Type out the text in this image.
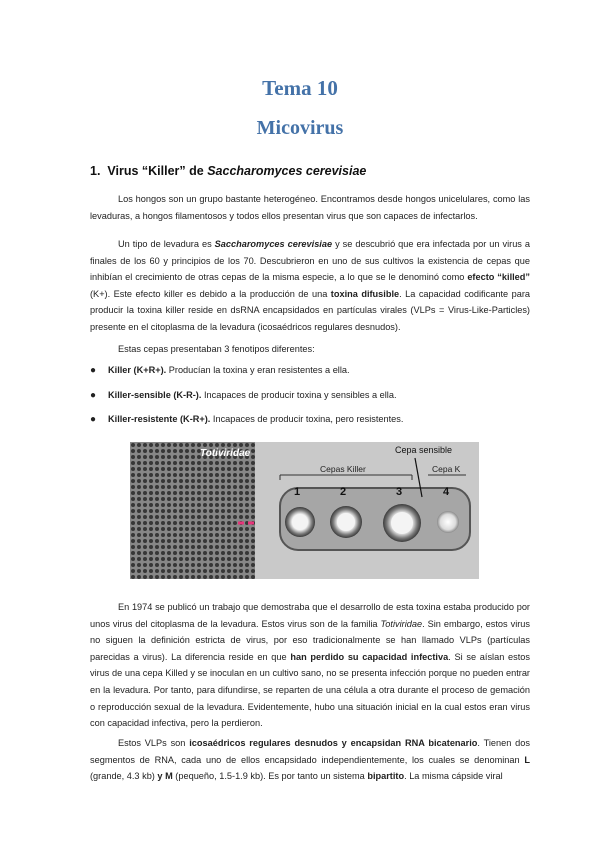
Tema 10
Micovirus
1. Virus “Killer” de Saccharomyces cerevisiae
Los hongos son un grupo bastante heterogéneo. Encontramos desde hongos unicelulares, como las levaduras, a hongos filamentosos y todos ellos presentan virus que son capaces de infectarlos.
Un tipo de levadura es Saccharomyces cerevisiae y se descubrió que era infectada por un virus a finales de los 60 y principios de los 70. Descubrieron en uno de sus cultivos la existencia de cepas que inhibían el crecimiento de otras cepas de la misma especie, a lo que se le denominó como efecto “killed” (K+). Este efecto killer es debido a la producción de una toxina difusible. La capacidad codificante para producir la toxina killer reside en dsRNA encapsidados en partículas virales (VLPs = Virus-Like-Particles) presente en el citoplasma de la levadura (icosaédricos regulares desnudos).
Estas cepas presentaban 3 fenotipos diferentes:
● Killer (K+R+). Producían la toxina y eran resistentes a ella.
● Killer-sensible (K-R-). Incapaces de producir toxina y sensibles a ella.
● Killer-resistente (K-R+). Incapaces de producir toxina, pero resistentes.
Totiviridae	Cepa sensible
Cepas Killer	Cepa K
1	2	3	4
En 1974 se publicó un trabajo que demostraba que el desarrollo de esta toxina estaba producido por unos virus del citoplasma de la levadura. Estos virus son de la familia Totiviridae. Sin embargo, estos virus no siguen la definición estricta de virus, por eso tradicionalmente se han llamado VLPs (partículas parecidas a virus). La diferencia reside en que han perdido su capacidad infectiva. Si se aíslan estos virus de una cepa Killed y se inoculan en un cultivo sano, no se presenta infección porque no pueden entrar en la levadura. Por tanto, para difundirse, se reparten de una célula a otra durante el proceso de gemación o reproducción sexual de la levadura. Evidentemente, hubo una situación inicial en la cual estos eran virus con capacidad infectiva, pero la perdieron.
Estos VLPs son icosaédricos regulares desnudos y encapsidan RNA bicatenario. Tienen dos segmentos de RNA, cada uno de ellos encapsidado independientemente, los cuales se denominan L (grande, 4.3 kb) y M (pequeño, 1.5-1.9 kb). Es por tanto un sistema bipartito. La misma cápside viral
